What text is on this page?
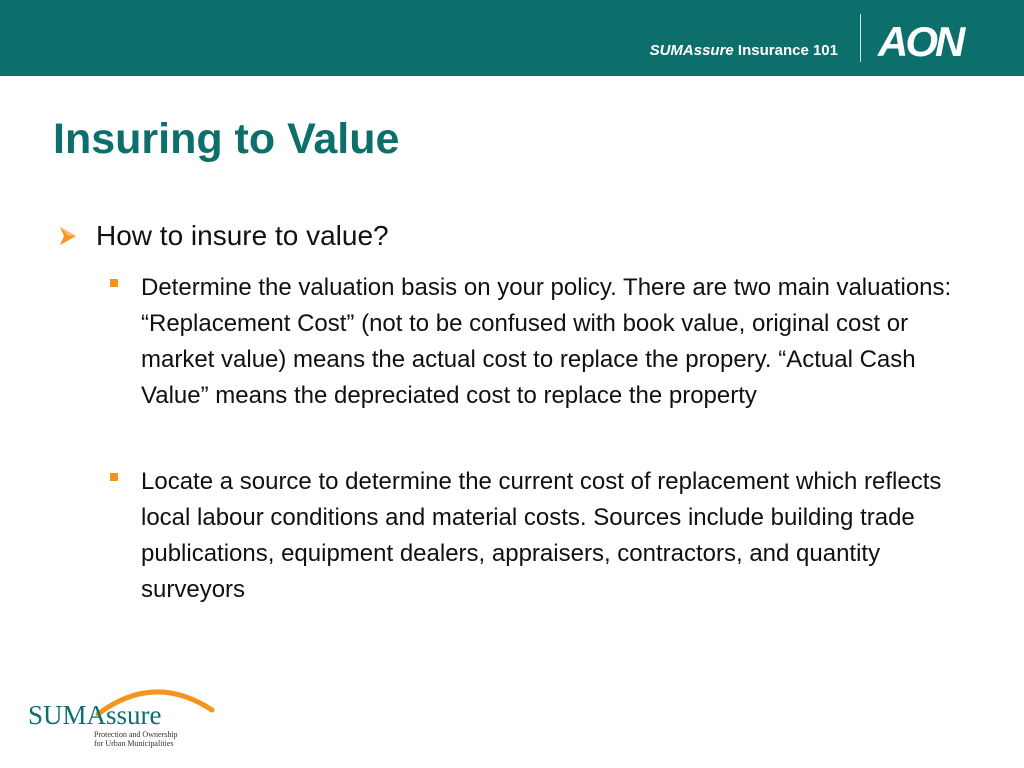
SUMAssure Insurance 101 AON
Insuring to Value
How to insure to value?
Determine the valuation basis on your policy. There are two main valuations: “Replacement Cost” (not to be confused with book value, original cost or market value) means the actual cost to replace the propery. “Actual Cash Value” means the depreciated cost to replace the property
Locate a source to determine the current cost of replacement which reflects local labour conditions and material costs. Sources include building trade publications, equipment dealers, appraisers, contractors, and quantity surveyors
SUMAssure
Protection and Ownership
for Urban Municipalities
